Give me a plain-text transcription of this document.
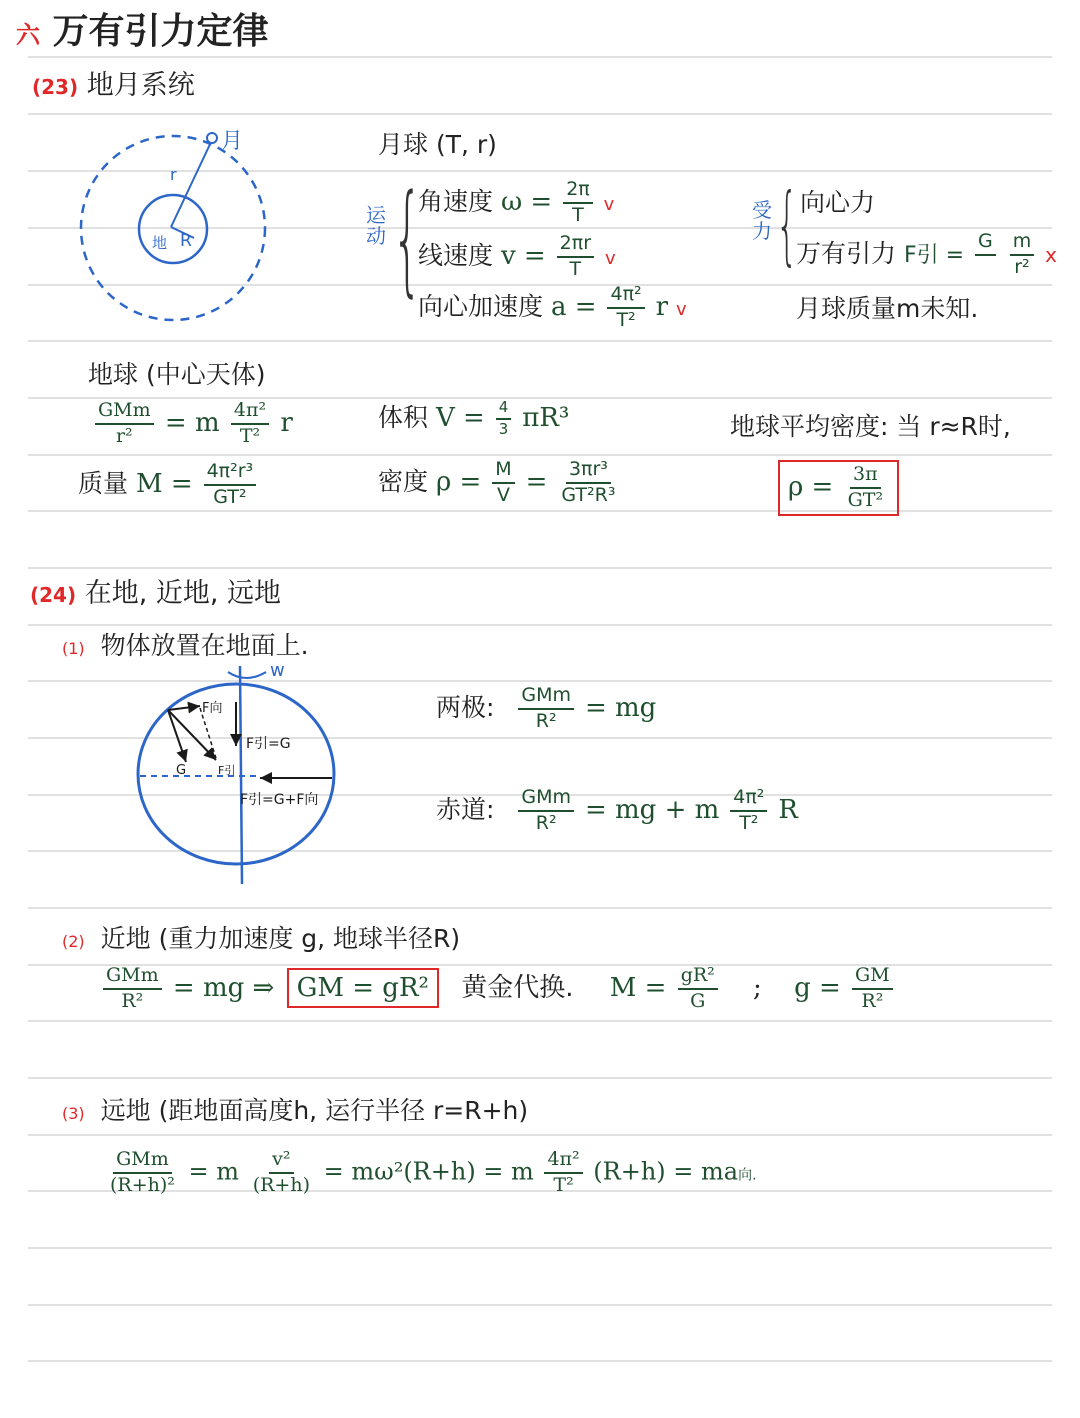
六 万有引力定律
(23) 地月系统
月
r
地 R
月球 (T, r)
运动 {
角速度 $\omega = \frac{2\pi}{T}$ v
线速度 $v = \frac{2\pi r}{T}$ v
向心加速度 $a = \frac{\text{4π²}}{\text{T²}}$ r v
受力 { 向心力
万有引力 F引 =
G
$\frac{m}{\text{r²}}$ x
月球质量m未知.
地球 (中心天体)
$\frac{\text{GMm}}{\text{r²}} = m \frac{\text{4π²}}{\text{T²}}$ r
质量 $M = \frac{\text{4π²r³}}{\text{GT²}}$
体积 $V = \frac{4}{3} \pi R^3$
密度 $\rho = \frac{M}{V} = \frac{\text{3πr³}}{\text{GT²R³}}$
地球平均密度: 当 r≈R时,
$\rho = \frac{3\pi}{\text{GT²}}$
(24) 在地, 近地, 远地
(1) 物体放置在地面上.
w
F向
G	F引
F引=G
F引=G+F向
两极: $\frac{\text{GMm}}{\text{R²}}$ = mg
赤道: $\frac{\text{GMm}}{\text{R²}}$ = mg + m $\frac{\text{4π²}}{\text{T²}}$ R
(2) 近地 (重力加速度 g, 地球半径R)
$\frac{\text{GMm}}{\text{R²}}$ = mg ⇒ GM = gR² 黄金代换. $M = \frac{\text{gR²}}{G}$ ; $g = \frac{GM}{\text{R²}}$
(3) 远地 (距地面高度h, 运行半径 r=R+h)
$\frac{\text{GMm}}{\text{(R+h)²}} = m \frac{\text{v²}}{(R+h)} = m\omega^2(R+h) = m \frac{\text{4π²}}{\text{T²}} (R+h)$ = ma向.
